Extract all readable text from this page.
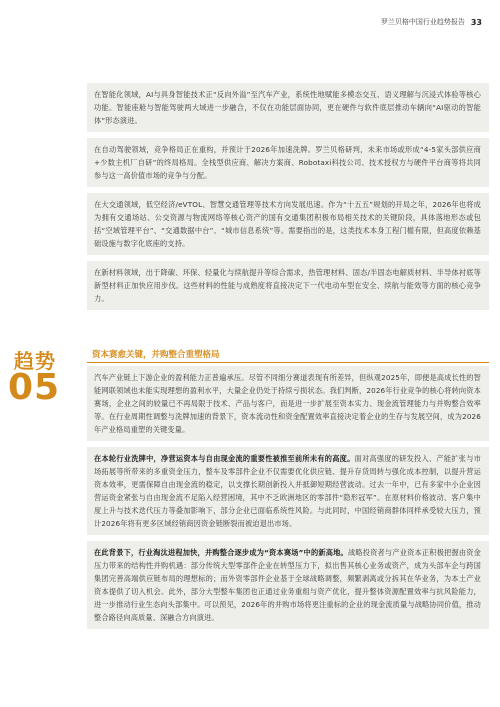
罗兰贝格中国行业趋势报告 33

在智能化领域，AI与具身智能技术正“反向外溢”至汽车产业，系统性地赋能多模态交互、语义理解与沉浸式体验等核心功能。智能座舱与智能驾驶两大域进一步融合，不仅在功能层面协同，更在硬件与软件底层推动车辆向“AI驱动的智能体”形态演进。

在自动驾驶领域，竞争格局正在重构，并预计于2026年加速洗牌。罗兰贝格研判，未来市场或形成“4-5家头部供应商+少数主机厂自研”的终局格局。全栈型供应商、解决方案商、Robotaxi科技公司、技术授权方与硬件平台商等将共同参与这一高价值市场的竞争与分配。

在大交通领域，低空经济/eVTOL、智慧交通管理等技术方向发展迅速。作为“十五五”规划的开局之年，2026年也将成为拥有交通场站、公交资源与物流网络等核心资产的国有交通集团积极布局相关技术的关键阶段，具体落地形态或包括“空域管理平台”、“交通数据中台”、“城市信息系统”等。需要指出的是，这类技术本身工程门槛有限，但高度依赖基础设施与数字化底座的支持。

在新材料领域，出于降碳、环保、轻量化与续航提升等综合需求，热管理材料、固态/半固态电解质材料、半导体衬底等新型材料正加快应用步伐。这些材料的性能与成熟度将直接决定下一代电动车型在安全、续航与能效等方面的核心竞争力。

趋势
05
资本赛愈关键，并购整合重塑格局

汽车产业链上下游企业的盈利能力正普遍承压。尽管不同细分赛道表现有所差异，但纵观2025年，即便是高成长性的智能网联领域也未能实现理想的盈利水平，大量企业仍处于持续亏损状态。我们判断，2026年行业竞争的核心将转向资本赛场，企业之间的较量已不再局限于技术、产品与客户，而是进一步扩展至资本实力、现金流管理能力与并购整合效率等。在行业周期性调整与洗牌加速的背景下，资本流动性和资金配置效率直接决定着企业的生存与发展空间，成为2026年产业格局重塑的关键变量。

在本轮行业洗牌中，净营运资本与自由现金流的重要性被推至前所未有的高度。面对高强度的研发投入、产能扩张与市场拓展等所带来的多重资金压力，整车及零部件企业不仅需要优化供应链、提升存货周转与强化成本控制，以提升营运资本效率，更需保障自由现金流的稳定，以支撑长期创新投入并抵御短期经营波动。过去一年中，已有多家中小企业因营运资金紧张与自由现金流不足陷入经营困境，其中不乏欧洲地区的零部件“隐形冠军”。在原材料价格波动、客户集中度上升与技术迭代压力等叠加影响下，部分企业已面临系统性风险。与此同时，中国经销商群体同样承受较大压力，预计2026年将有更多区域经销商因资金链断裂而被迫退出市场。

在此背景下，行业淘汰进程加快，并购整合逐步成为“资本赛场”中的新高地。战略投资者与产业资本正积极把握由资金压力带来的结构性并购机遇：部分传统大型零部件企业在转型压力下，拟出售其核心业务或资产，成为头部车企与跨国集团完善高端供应链布局的理想标的；而外资零部件企业基于全球战略调整，频繁剥离或分拆其在华业务，为本土产业资本提供了切入机会。此外，部分大型整车集团也正通过业务重组与资产优化，提升整体资源配置效率与抗风险能力，进一步推动行业生态向头部集中。可以预见，2026年的并购市场将更注重标的企业的现金流质量与战略协同价值，推动整合路径向高质量、深融合方向演进。
